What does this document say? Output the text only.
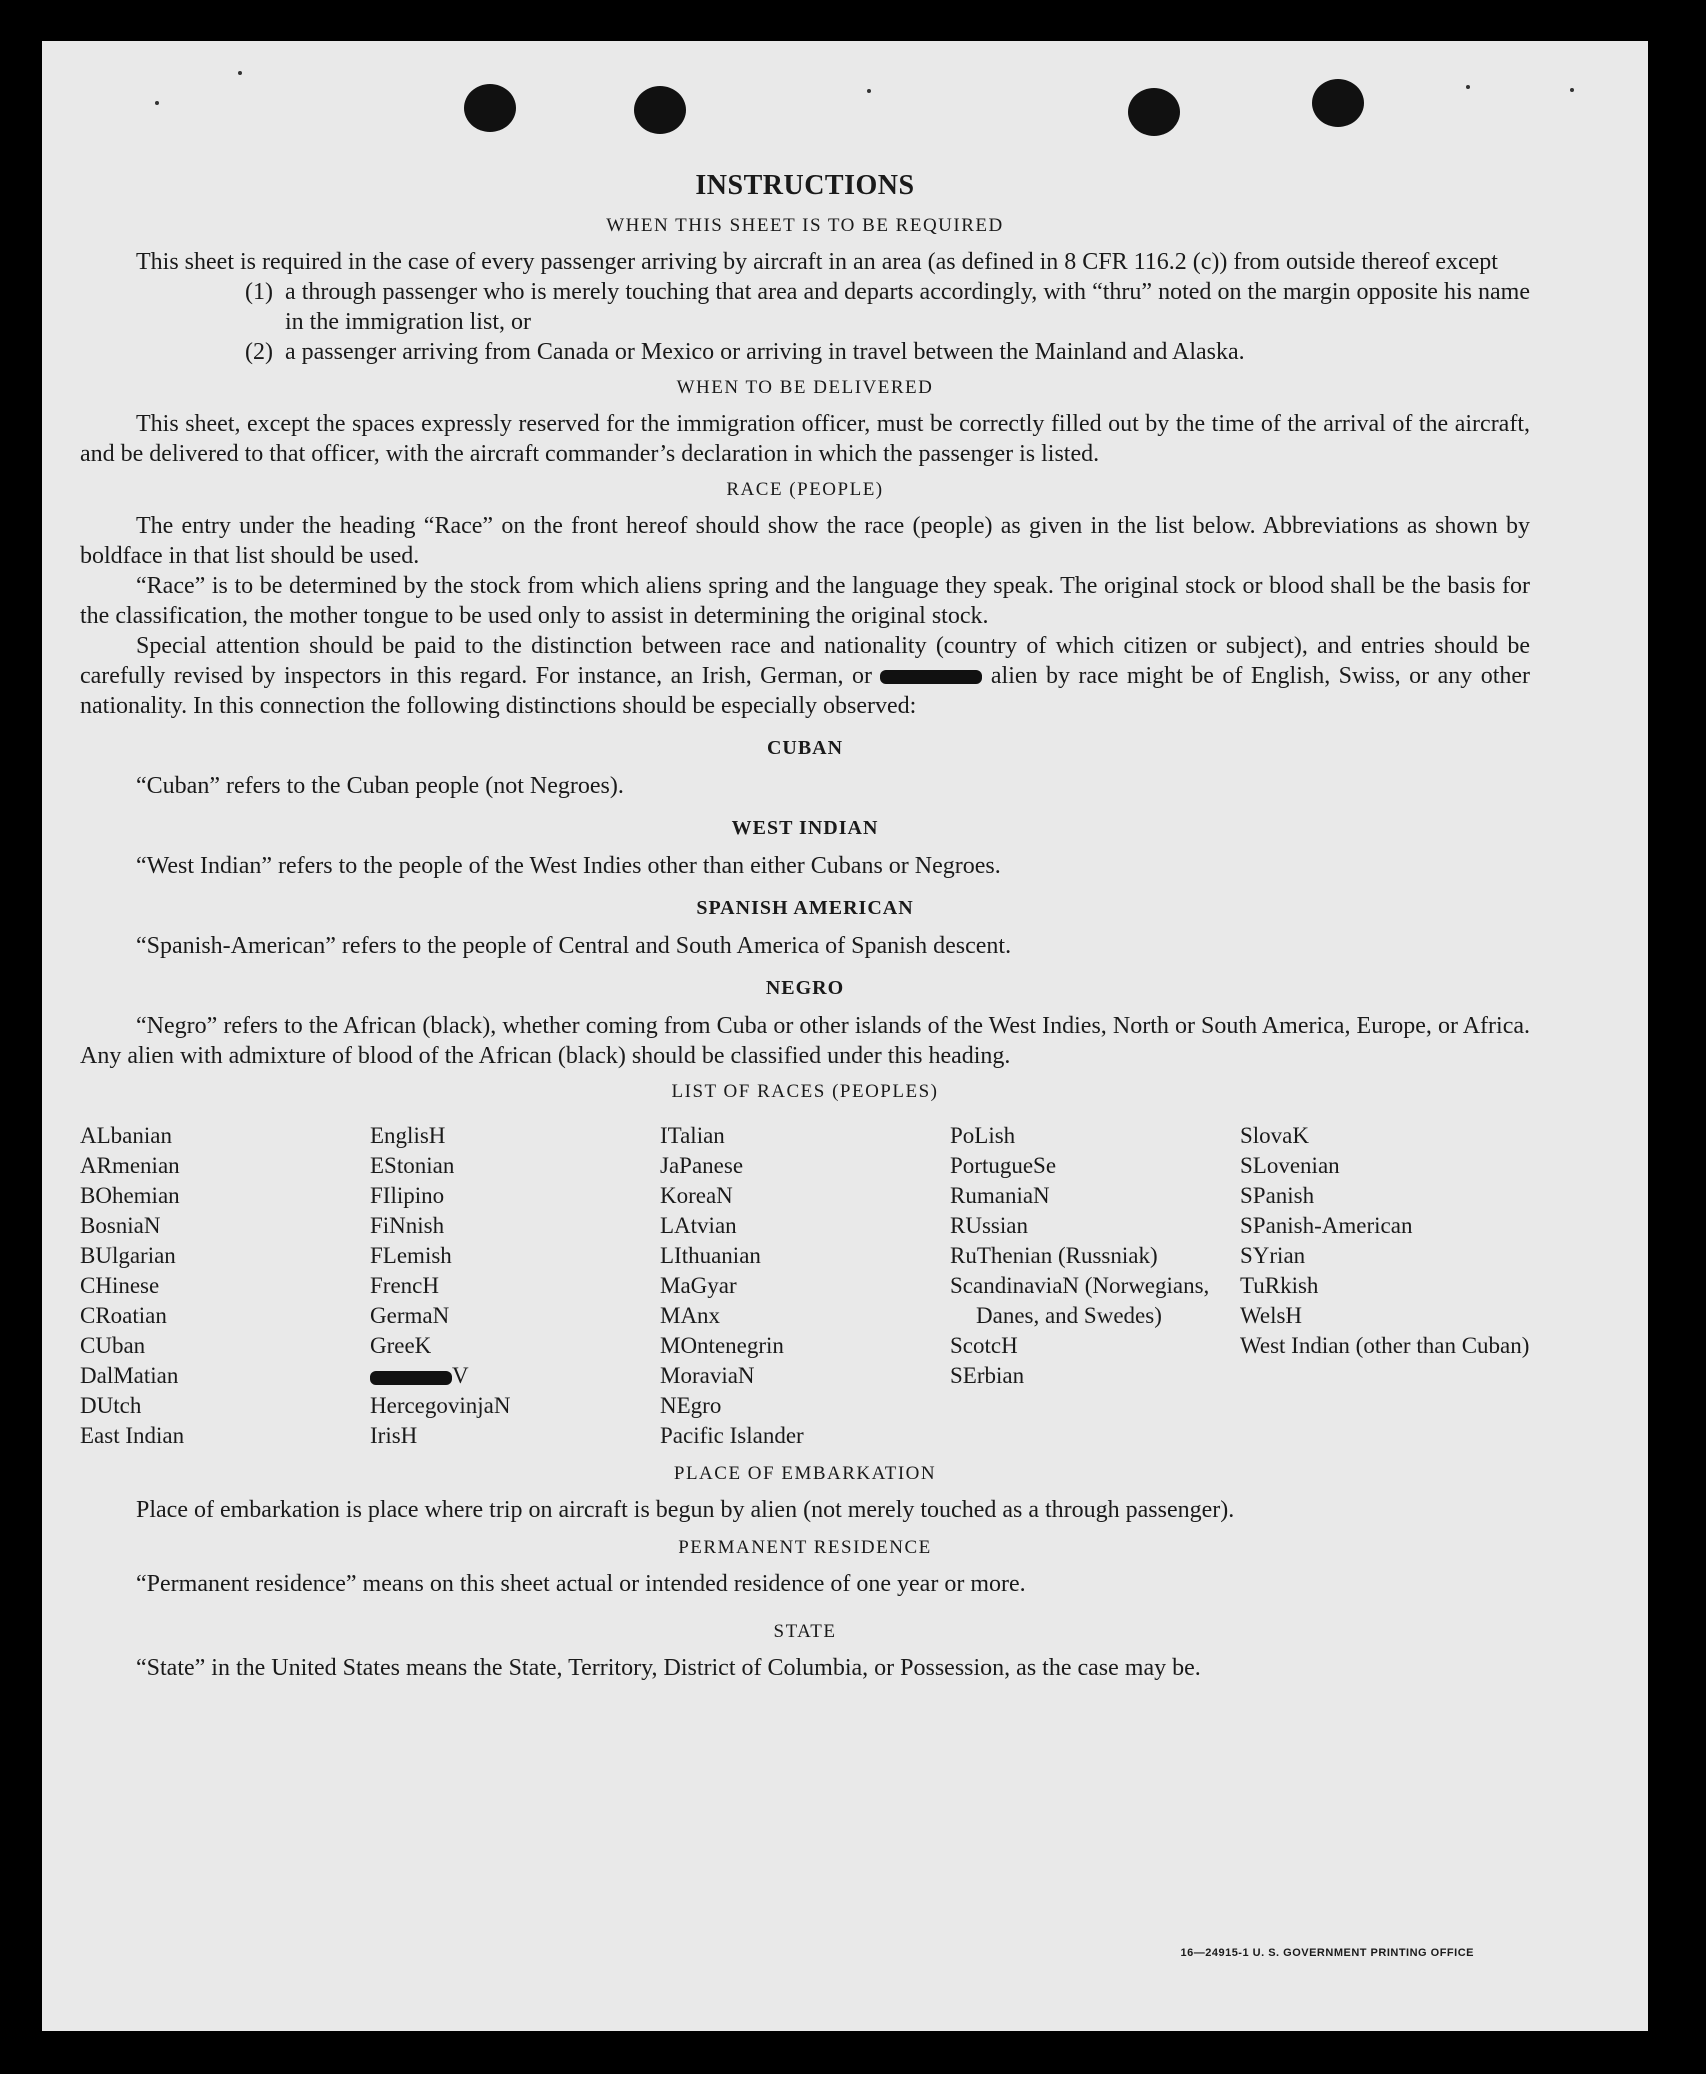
INSTRUCTIONS
WHEN THIS SHEET IS TO BE REQUIRED

This sheet is required in the case of every passenger arriving by aircraft in an area (as defined in 8 CFR 116.2 (c)) from outside thereof except

(1) a through passenger who is merely touching that area and departs accordingly, with “thru” noted on the margin opposite his name in the immigration list, or
(2) a passenger arriving from Canada or Mexico or arriving in travel between the Mainland and Alaska.
WHEN TO BE DELIVERED

This sheet, except the spaces expressly reserved for the immigration officer, must be correctly filled out by the time of the arrival of the aircraft, and be delivered to that officer, with the aircraft commander’s declaration in which the passenger is listed.

RACE (PEOPLE)

The entry under the heading “Race” on the front hereof should show the race (people) as given in the list below. Abbreviations as shown by boldface in that list should be used.

“Race” is to be determined by the stock from which aliens spring and the language they speak. The original stock or blood shall be the basis for the classification, the mother tongue to be used only to assist in determining the original stock.

Special attention should be paid to the distinction between race and nationality (country of which citizen or subject), and entries should be carefully revised by inspectors in this regard. For instance, an Irish, German, or	alien by race might be of English, Swiss, or any other nationality. In this connection the following distinctions should be especially observed:

CUBAN

“Cuban” refers to the Cuban people (not Negroes).

WEST INDIAN

“West Indian” refers to the people of the West Indies other than either Cubans or Negroes.

SPANISH AMERICAN

“Spanish-American” refers to the people of Central and South America of Spanish descent.

NEGRO

“Negro” refers to the African (black), whether coming from Cuba or other islands of the West Indies, North or South America, Europe, or Africa. Any alien with admixture of blood of the African (black) should be classified under this heading.

LIST OF RACES (PEOPLES)
ALbanian
ARmenian
BOhemian
BosniaN
BUlgarian
CHinese
CRoatian
CUban
DalMatian
DUtch
East Indian
EnglisH
EStonian
FIlipino
FiNnish
FLemish
FrencH
GermaN
GreeK
V
HercegovinjaN
IrisH
ITalian
JaPanese
KoreaN
LAtvian
LIthuanian
MaGyar
MAnx
MOntenegrin
MoraviaN
NEgro
Pacific Islander
PoLish
PortugueSe
RumaniaN
RUssian
RuThenian (Russniak)
ScandinaviaN (Norwegians, Danes, and Swedes)
ScotcH
SErbian
SlovaK
SLovenian
SPanish
SPanish-American
SYrian
TuRkish
WelsH
West Indian (other than Cuban)
PLACE OF EMBARKATION

Place of embarkation is place where trip on aircraft is begun by alien (not merely touched as a through passenger).

PERMANENT RESIDENCE

“Permanent residence” means on this sheet actual or intended residence of one year or more.

STATE

“State” in the United States means the State, Territory, District of Columbia, or Possession, as the case may be.

16—24915-1 U. S. GOVERNMENT PRINTING OFFICE
